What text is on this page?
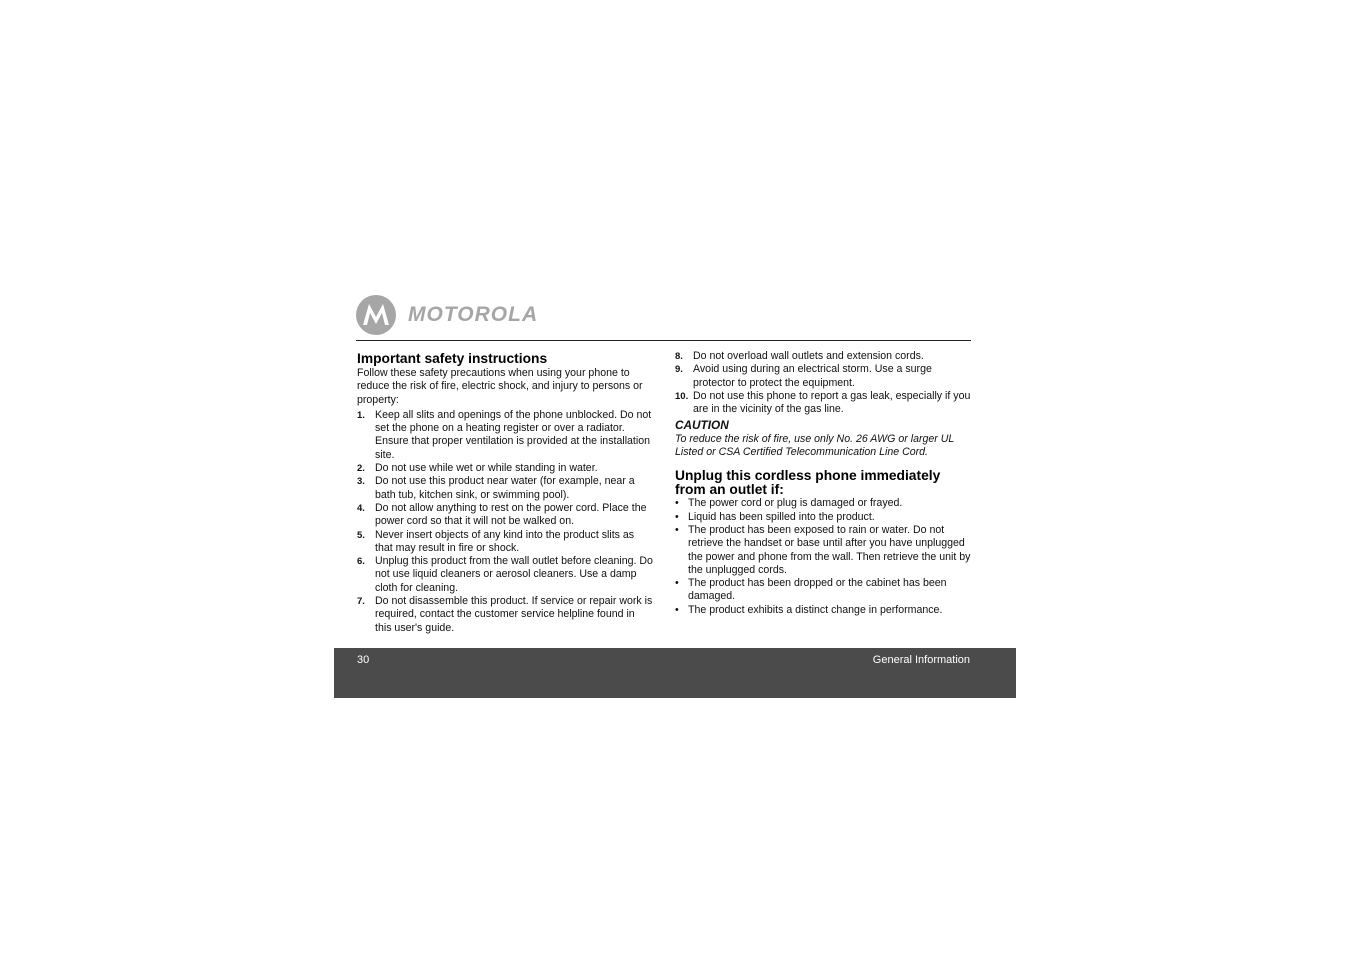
MOTOROLA
Important safety instructions

Follow these safety precautions when using your phone to reduce the risk of fire, electric shock, and injury to persons or property:

1. Keep all slits and openings of the phone unblocked. Do not set the phone on a heating register or over a radiator. Ensure that proper ventilation is provided at the installation site.
2. Do not use while wet or while standing in water.
3. Do not use this product near water (for example, near a bath tub, kitchen sink, or swimming pool).
4. Do not allow anything to rest on the power cord. Place the power cord so that it will not be walked on.
5. Never insert objects of any kind into the product slits as that may result in fire or shock.
6. Unplug this product from the wall outlet before cleaning. Do not use liquid cleaners or aerosol cleaners. Use a damp cloth for cleaning.
7. Do not disassemble this product. If service or repair work is required, contact the customer service helpline found in this user's guide.
8. Do not overload wall outlets and extension cords.
9. Avoid using during an electrical storm. Use a surge protector to protect the equipment.
10. Do not use this phone to report a gas leak, especially if you are in the vicinity of the gas line.

CAUTION

To reduce the risk of fire, use only No. 26 AWG or larger UL Listed or CSA Certified Telecommunication Line Cord.

Unplug this cordless phone immediately from an outlet if:
• The power cord or plug is damaged or frayed.
• Liquid has been spilled into the product.
• The product has been exposed to rain or water. Do not retrieve the handset or base until after you have unplugged the power and phone from the wall. Then retrieve the unit by the unplugged cords.
• The product has been dropped or the cabinet has been damaged.
• The product exhibits a distinct change in performance.
30	General Information
